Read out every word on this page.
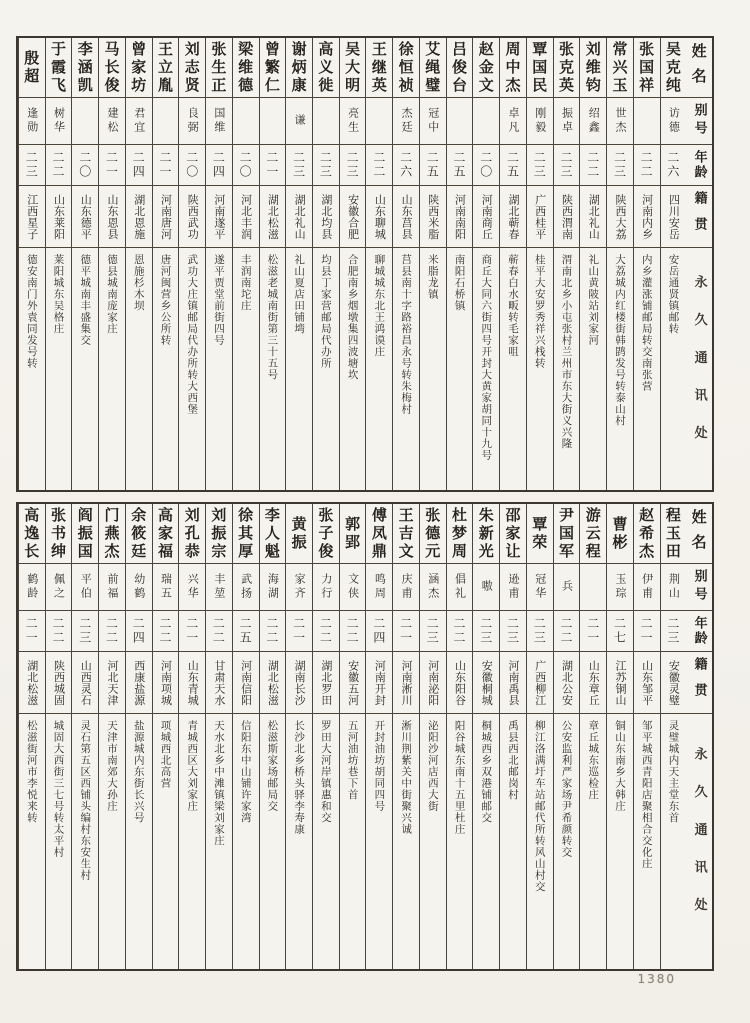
姓名
别号
年龄
籍贯
永久通讯处
吴克纯
访德
二六
四川安岳
安岳通贤镇邮转
张国祥
二二
河南内乡
内乡灌涨铺邮局转交南张营
常兴玉
世杰
二三
陕西大荔
大荔城内红楼街韩鹍发号转泰山村
刘维钧
绍鑫
二二
湖北礼山
礼山黄陂站刘家河
张克英
振卓
二三
陕西渭南
渭南北乡小屯张村兰州市东大街义兴隆
覃国民
刚毅
二三
广西桂平
桂平大安罗秀祥兴栈转
周中杰
卓凡
二五
湖北蕲春
蕲春白水畈转毛家咀
赵金文
二〇
河南商丘
商丘大同六街四号开封大黄家胡同十九号
吕俊台
二五
河南南阳
南阳石桥镇
艾绳璧
冠中
二五
陕西米脂
米脂龙镇
徐恒祯
杰廷
二六
山东莒县
莒县南十字路裕昌永号转朱梅村
王继英
二二
山东聊城
聊城城东北王鸿谟庄
吴大明
亮生
二三
安徽合肥
合肥南乡烟墩集四波塘坎
高义徙
二三
湖北均县
均县丁家营邮局代办所
谢炳康
谦
二三
湖北礼山
礼山夏店田铺塆
曾繁仁
二一
湖北松滋
松滋老城南街第三十五号
梁维德
二〇
河北丰润
丰润南坨庄
张生正
国维
二四
河南遂平
遂平贾堂前街四号
刘志贤
良弼
二〇
陕西武功
武功大庄镇邮局代办所转大西堡
王立胤
二一
河南唐河
唐河闽营乡公所转
曾家坊
君宜
二四
湖北恩施
恩施杉木坝
马长俊
建松
二一
山东恩县
德县城南庞家庄
李涵凯
二〇
山东德平
德平城南丰盛集交
于霞飞
树华
二二
山东莱阳
莱阳城东吴格庄
殷超
逢勋
二三
江西星子
德安南门外袁同发号转
姓名
别号
年龄
籍贯
永久通讯处
程玉田
荆山
二三
安徽灵璧
灵璧城内天主堂东首
赵希杰
伊甫
二一
山东邹平
邹平城西青阳店聚相合交化庄
曹彬
玉琮
二七
江苏铜山
铜山东南乡大韩庄
游云程
二一
山东章丘
章丘城东巡检庄
尹国军
兵
二二
湖北公安
公安监利严家场尹希颜转交
覃荣
冠华
二三
广西柳江
柳江洛满圩车站邮代所转风山村交
邵家让
逊甫
二三
河南禹县
禹县西北邮岗村
朱新光
嗷
二三
安徽桐城
桐城西乡双港铺邮交
杜梦周
倡礼
二二
山东阳谷
阳谷城东南十五里杜庄
张德元
涵杰
二三
河南泌阳
泌阳沙河店西大街
王吉文
庆甫
二一
河南淅川
淅川荆紫关中街聚兴诚
傅凤鼎
鸣周
二四
河南开封
开封油坊胡同四号
郭郢
文侠
二二
安徽五河
五河油坊巷下首
张子俊
力行
二二
湖北罗田
罗田大河岸镇惠和交
黄振
家齐
二一
湖南长沙
长沙北乡桥头驿李寿康
李人魁
海湖
二二
湖北松滋
松滋斯家场邮局交
徐其厚
武扬
二五
河南信阳
信阳东中山铺许家湾
刘振宗
丰堃
二二
甘肃天水
天水北乡中滩镇梁刘家庄
刘孔恭
兴华
二一
山东青城
青城西区大刘家庄
高家福
瑞五
二二
河南项城
项城西北高营
余筱廷
幼鹤
二四
西康盐源
盐源城内东街长兴号
门燕杰
前福
二二
河北天津
天津市南郊大孙庄
阎振国
平伯
二三
山西灵石
灵石第五区西铺头编村东安生村
张书绅
佩之
二二
陕西城固
城固大西街三七号转太平村
高逸长
鹤龄
二一
湖北松滋
松滋街河市李悦来转
1380
